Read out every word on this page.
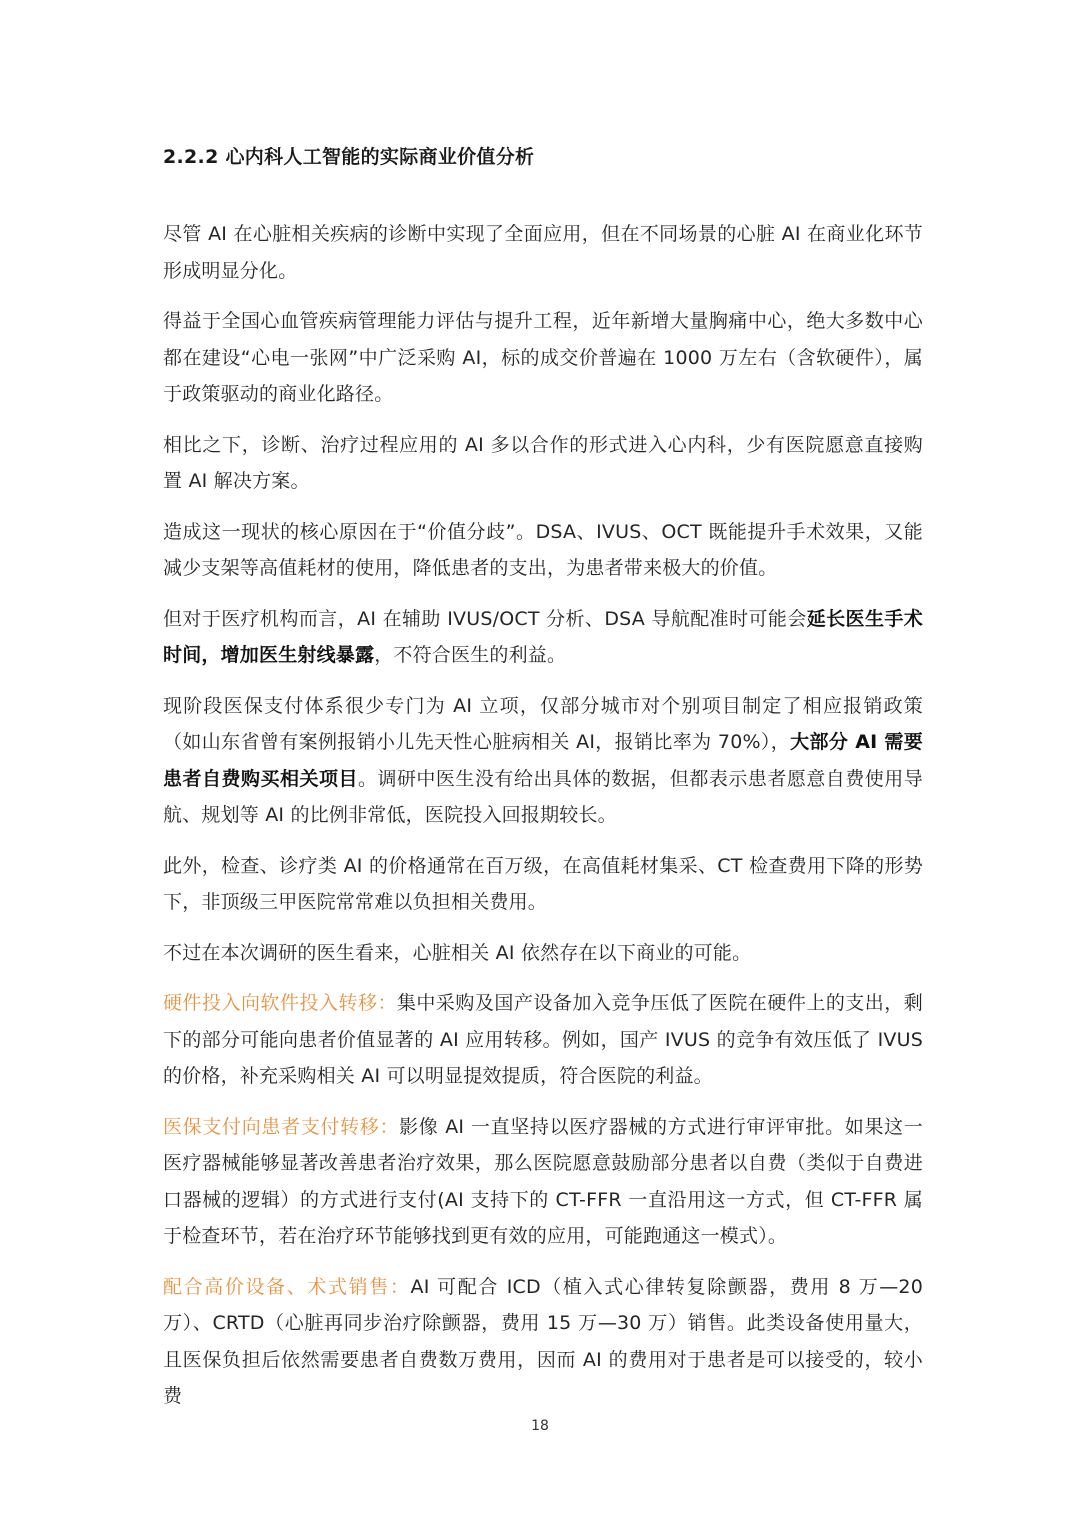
2.2.2 心内科人工智能的实际商业价值分析

尽管 AI 在心脏相关疾病的诊断中实现了全面应用，但在不同场景的心脏 AI 在商业化环节形成明显分化。

得益于全国心血管疾病管理能力评估与提升工程，近年新增大量胸痛中心，绝大多数中心都在建设“心电一张网”中广泛采购 AI，标的成交价普遍在 1000 万左右（含软硬件），属于政策驱动的商业化路径。

相比之下，诊断、治疗过程应用的 AI 多以合作的形式进入心内科，少有医院愿意直接购置 AI 解决方案。

造成这一现状的核心原因在于“价值分歧”。DSA、IVUS、OCT 既能提升手术效果，又能减少支架等高值耗材的使用，降低患者的支出，为患者带来极大的价值。

但对于医疗机构而言，AI 在辅助 IVUS/OCT 分析、DSA 导航配准时可能会延长医生手术时间，增加医生射线暴露，不符合医生的利益。

现阶段医保支付体系很少专门为 AI 立项，仅部分城市对个别项目制定了相应报销政策（如山东省曾有案例报销小儿先天性心脏病相关 AI，报销比率为 70%），大部分 AI 需要患者自费购买相关项目。调研中医生没有给出具体的数据，但都表示患者愿意自费使用导航、规划等 AI 的比例非常低，医院投入回报期较长。

此外，检查、诊疗类 AI 的价格通常在百万级，在高值耗材集采、CT 检查费用下降的形势下，非顶级三甲医院常常难以负担相关费用。

不过在本次调研的医生看来，心脏相关 AI 依然存在以下商业的可能。

硬件投入向软件投入转移：集中采购及国产设备加入竞争压低了医院在硬件上的支出，剩下的部分可能向患者价值显著的 AI 应用转移。例如，国产 IVUS 的竞争有效压低了 IVUS 的价格，补充采购相关 AI 可以明显提效提质，符合医院的利益。

医保支付向患者支付转移：影像 AI 一直坚持以医疗器械的方式进行审评审批。如果这一医疗器械能够显著改善患者治疗效果，那么医院愿意鼓励部分患者以自费（类似于自费进口器械的逻辑）的方式进行支付(AI 支持下的 CT-FFR 一直沿用这一方式，但 CT-FFR 属于检查环节，若在治疗环节能够找到更有效的应用，可能跑通这一模式）。

配合高价设备、术式销售：AI 可配合 ICD（植入式心律转复除颤器，费用 8 万—20 万）、CRTD（心脏再同步治疗除颤器，费用 15 万—30 万）销售。此类设备使用量大，且医保负担后依然需要患者自费数万费用，因而 AI 的费用对于患者是可以接受的，较小费

18
